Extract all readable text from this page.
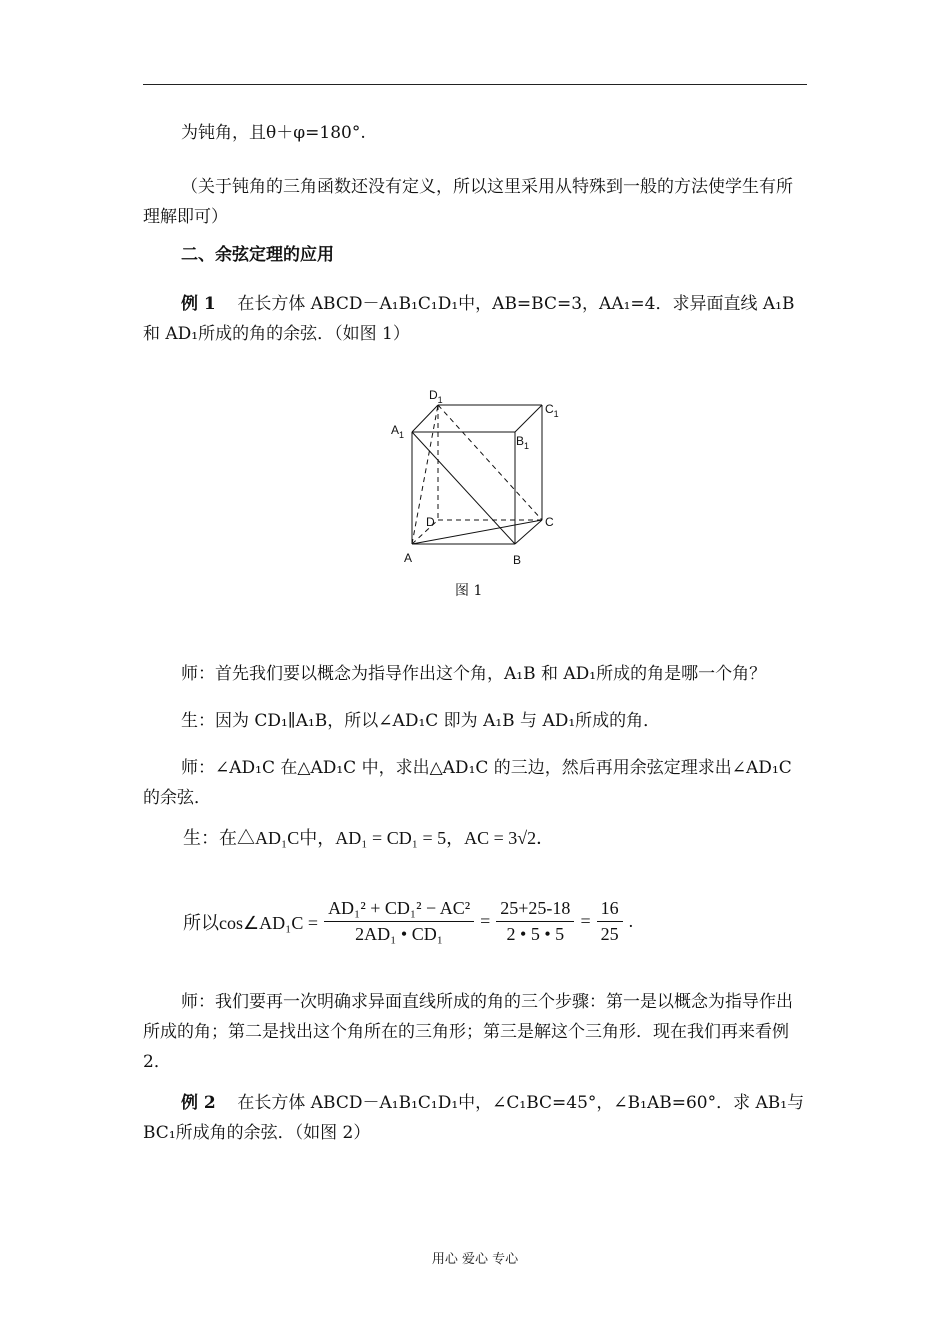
为钝角，且θ＋φ=180°.

（关于钝角的三角函数还没有定义，所以这里采用从特殊到一般的方法使学生有所理解即可）

二、余弦定理的应用

例 1 在长方体 ABCD－A₁B₁C₁D₁中，AB=BC=3，AA₁=4．求异面直线 A₁B 和 AD₁所成的角的余弦．（如图 1）

$D_1$
$C_1$
$A_1$	$B_1$
D	C
A	B
图 1

师：首先我们要以概念为指导作出这个角，A₁B 和 AD₁所成的角是哪一个角？

生：因为 CD₁∥A₁B，所以∠AD₁C 即为 A₁B 与 AD₁所成的角．

师：∠AD₁C 在△AD₁C 中，求出△AD₁C 的三边，然后再用余弦定理求出∠AD₁C 的余弦．

生：在△AD₁C中，AD₁ = CD₁ = 5，AC = 3√2．
所以cos∠AD₁C = $\frac{\text{AD₁² + CD₁² − AC²}}{\text{2AD₁ • CD₁}} = \frac{25+25-18}{2 • 5 • 5} = \frac{16}{25}$ .

师：我们要再一次明确求异面直线所成的角的三个步骤：第一是以概念为指导作出所成的角；第二是找出这个角所在的三角形；第三是解这个三角形．现在我们再来看例 2．

例 2 在长方体 ABCD－A₁B₁C₁D₁中，∠C₁BC=45°，∠B₁AB=60°．求 AB₁与 BC₁所成角的余弦．（如图 2）

用心 爱心 专心
